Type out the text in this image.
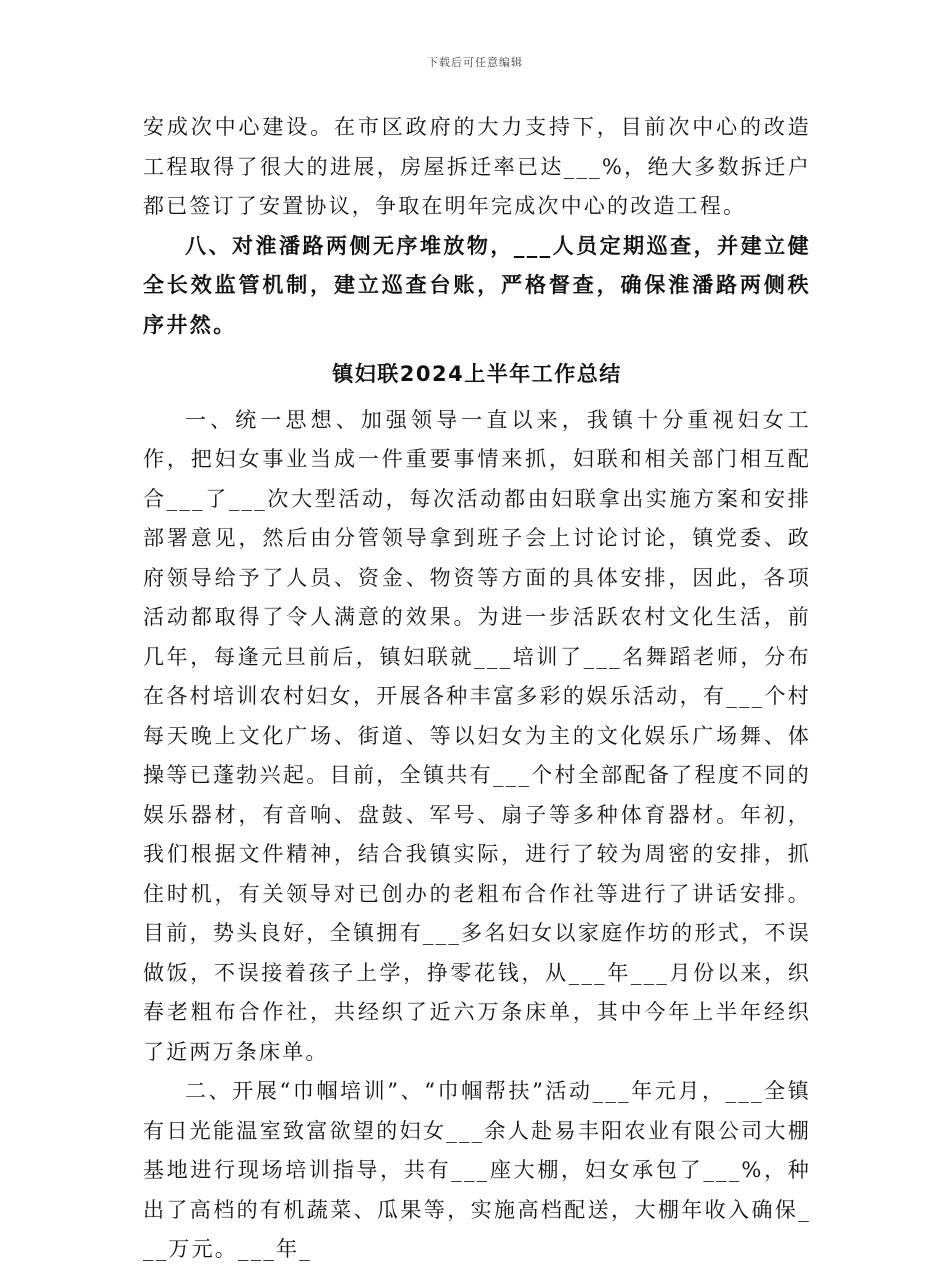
下载后可任意编辑

安成次中心建设。在市区政府的大力支持下，目前次中心的改造工程取得了很大的进展，房屋拆迁率已达___%，绝大多数拆迁户都已签订了安置协议，争取在明年完成次中心的改造工程。

八、对淮潘路两侧无序堆放物，___人员定期巡查，并建立健全长效监管机制，建立巡查台账，严格督查，确保淮潘路两侧秩序井然。

镇妇联2024上半年工作总结

一、统一思想、加强领导一直以来，我镇十分重视妇女工作，把妇女事业当成一件重要事情来抓，妇联和相关部门相互配合___了___次大型活动，每次活动都由妇联拿出实施方案和安排部署意见，然后由分管领导拿到班子会上讨论讨论，镇党委、政府领导给予了人员、资金、物资等方面的具体安排，因此，各项活动都取得了令人满意的效果。为进一步活跃农村文化生活，前几年，每逢元旦前后，镇妇联就___培训了___名舞蹈老师，分布在各村培训农村妇女，开展各种丰富多彩的娱乐活动，有___个村每天晚上文化广场、街道、等以妇女为主的文化娱乐广场舞、体操等已蓬勃兴起。目前，全镇共有___个村全部配备了程度不同的娱乐器材，有音响、盘鼓、军号、扇子等多种体育器材。年初，我们根据文件精神，结合我镇实际，进行了较为周密的安排，抓住时机，有关领导对已创办的老粗布合作社等进行了讲话安排。目前，势头良好，全镇拥有___多名妇女以家庭作坊的形式，不误做饭，不误接着孩子上学，挣零花钱，从___年___月份以来，织春老粗布合作社，共经织了近六万条床单，其中今年上半年经织了近两万条床单。

二、开展“巾帼培训”、“巾帼帮扶”活动___年元月，___全镇有日光能温室致富欲望的妇女___余人赴易丰阳农业有限公司大棚基地进行现场培训指导，共有___座大棚，妇女承包了___%，种出了高档的有机蔬菜、瓜果等，实施高档配送，大棚年收入确保___万元。___年_
